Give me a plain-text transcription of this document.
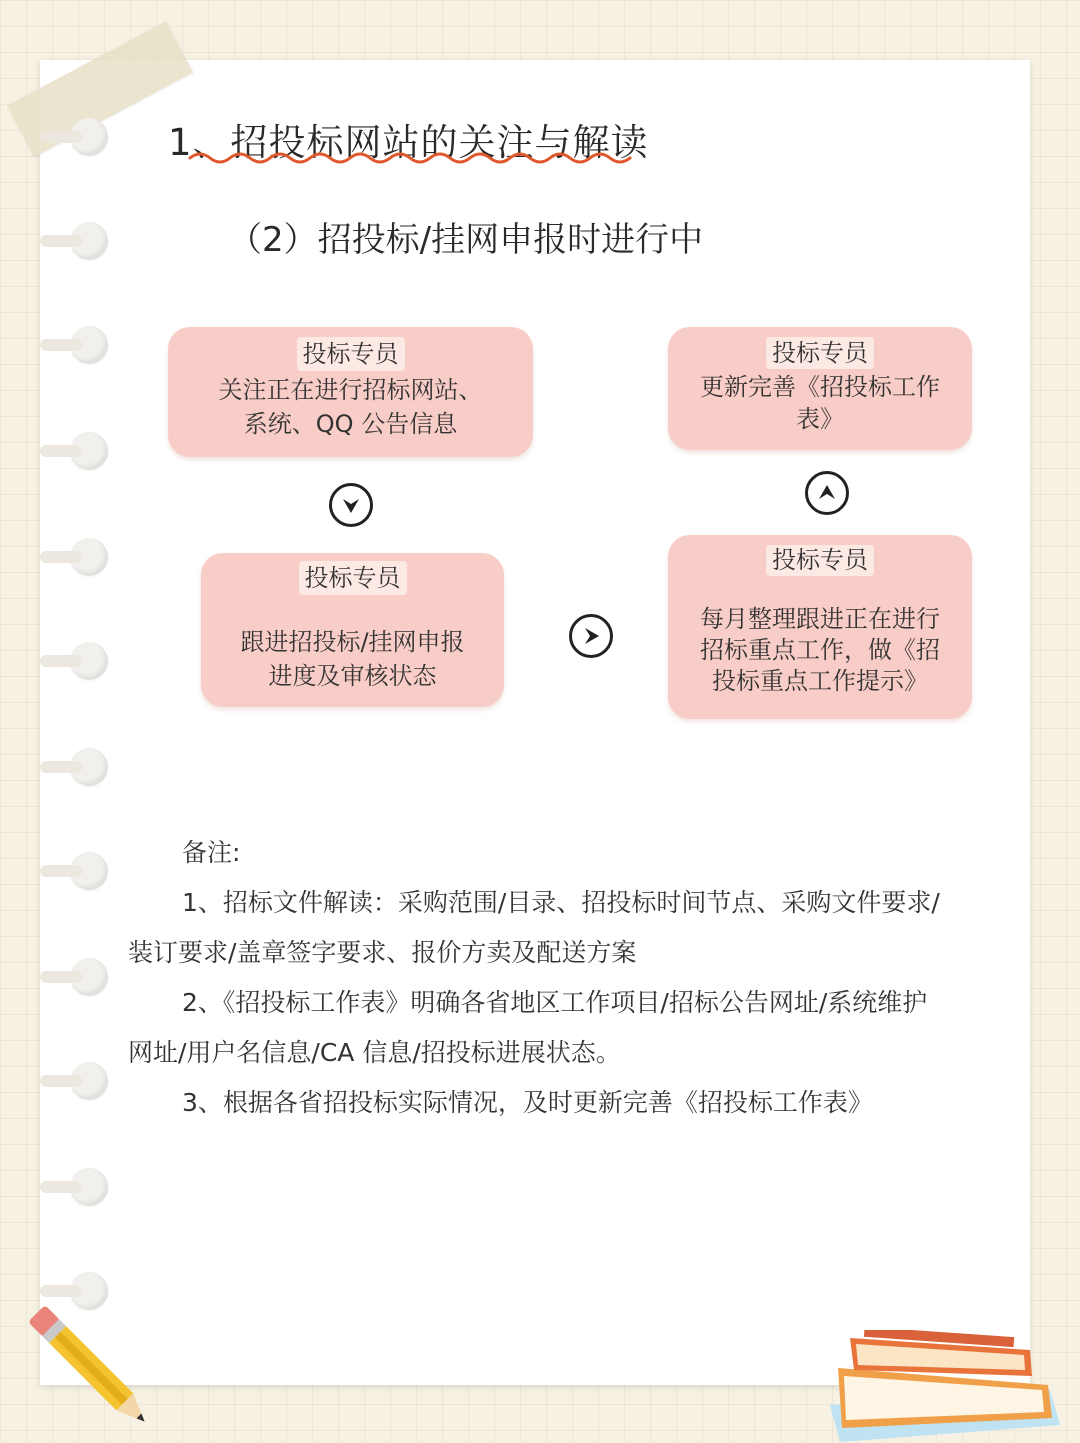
1、招投标网站的关注与解读
（2）招投标/挂网申报时进行中
投标专员
关注正在进行招标网站、
系统、QQ 公告信息
投标专员
跟进招投标/挂网申报
进度及审核状态
投标专员
每月整理跟进正在进行
招标重点工作，做《招
投标重点工作提示》
投标专员
更新完善《招投标工作
表》

备注:

1、招标文件解读：采购范围/目录、招投标时间节点、采购文件要求/

装订要求/盖章签字要求、报价方卖及配送方案

2、《招投标工作表》明确各省地区工作项目/招标公告网址/系统维护

网址/用户名信息/CA 信息/招投标进展状态。

3、根据各省招投标实际情况，及时更新完善《招投标工作表》
